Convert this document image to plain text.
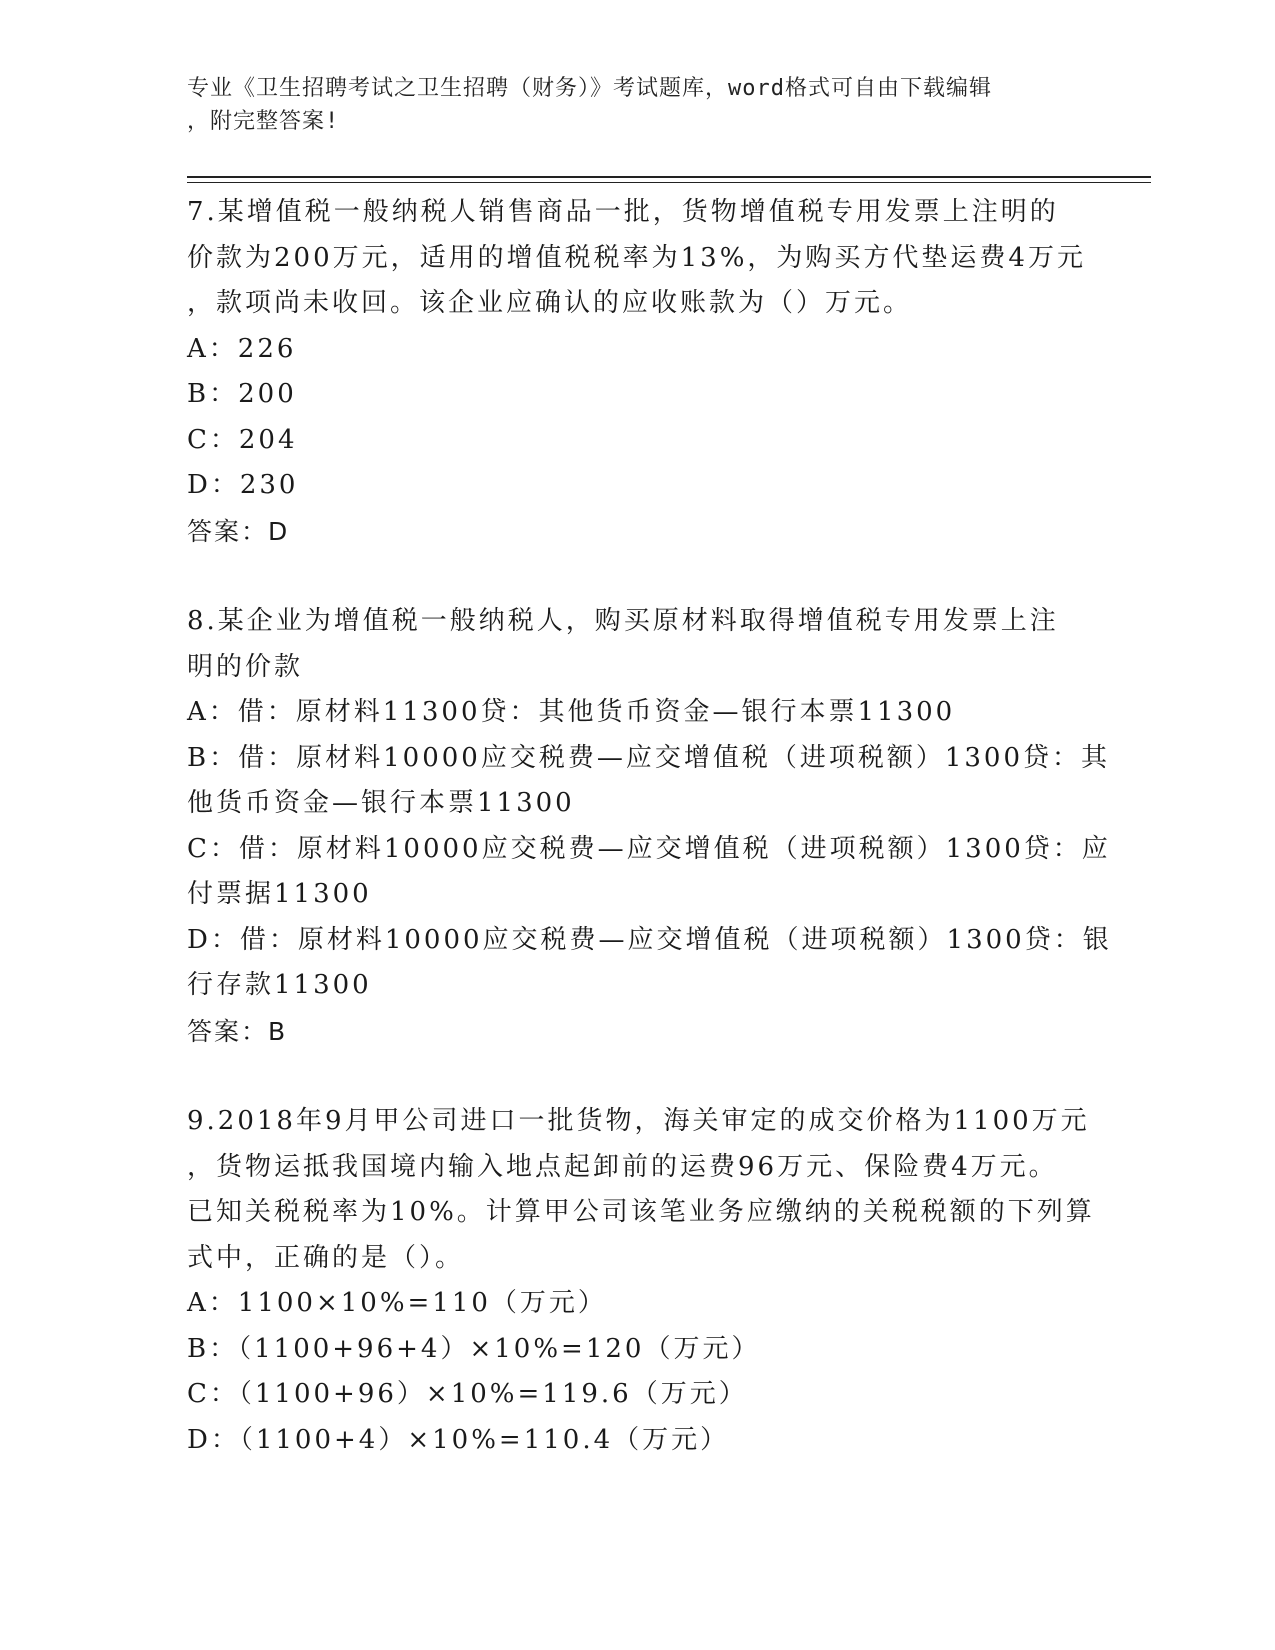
专业《卫生招聘考试之卫生招聘（财务）》考试题库，word格式可自由下载编辑
，附完整答案!
7.某增值税一般纳税人销售商品一批，货物增值税专用发票上注明的
价款为200万元，适用的增值税税率为13%，为购买方代垫运费4万元
，款项尚未收回。该企业应确认的应收账款为（）万元。
A：226
B：200
C：204
D：230
答案：D
8.某企业为增值税一般纳税人，购买原材料取得增值税专用发票上注
明的价款
A：借：原材料11300贷：其他货币资金—银行本票11300
B：借：原材料10000应交税费—应交增值税（进项税额）1300贷：其
他货币资金—银行本票11300
C：借：原材料10000应交税费—应交增值税（进项税额）1300贷：应
付票据11300
D：借：原材料10000应交税费—应交增值税（进项税额）1300贷：银
行存款11300
答案：B
9.2018年9月甲公司进口一批货物，海关审定的成交价格为1100万元
，货物运抵我国境内输入地点起卸前的运费96万元、保险费4万元。
已知关税税率为10%。计算甲公司该笔业务应缴纳的关税税额的下列算
式中，正确的是（）。
A：1100×10%=110（万元）
B：（1100+96+4）×10%=120（万元）
C：（1100+96）×10%=119.6（万元）
D：（1100+4）×10%=110.4（万元）
